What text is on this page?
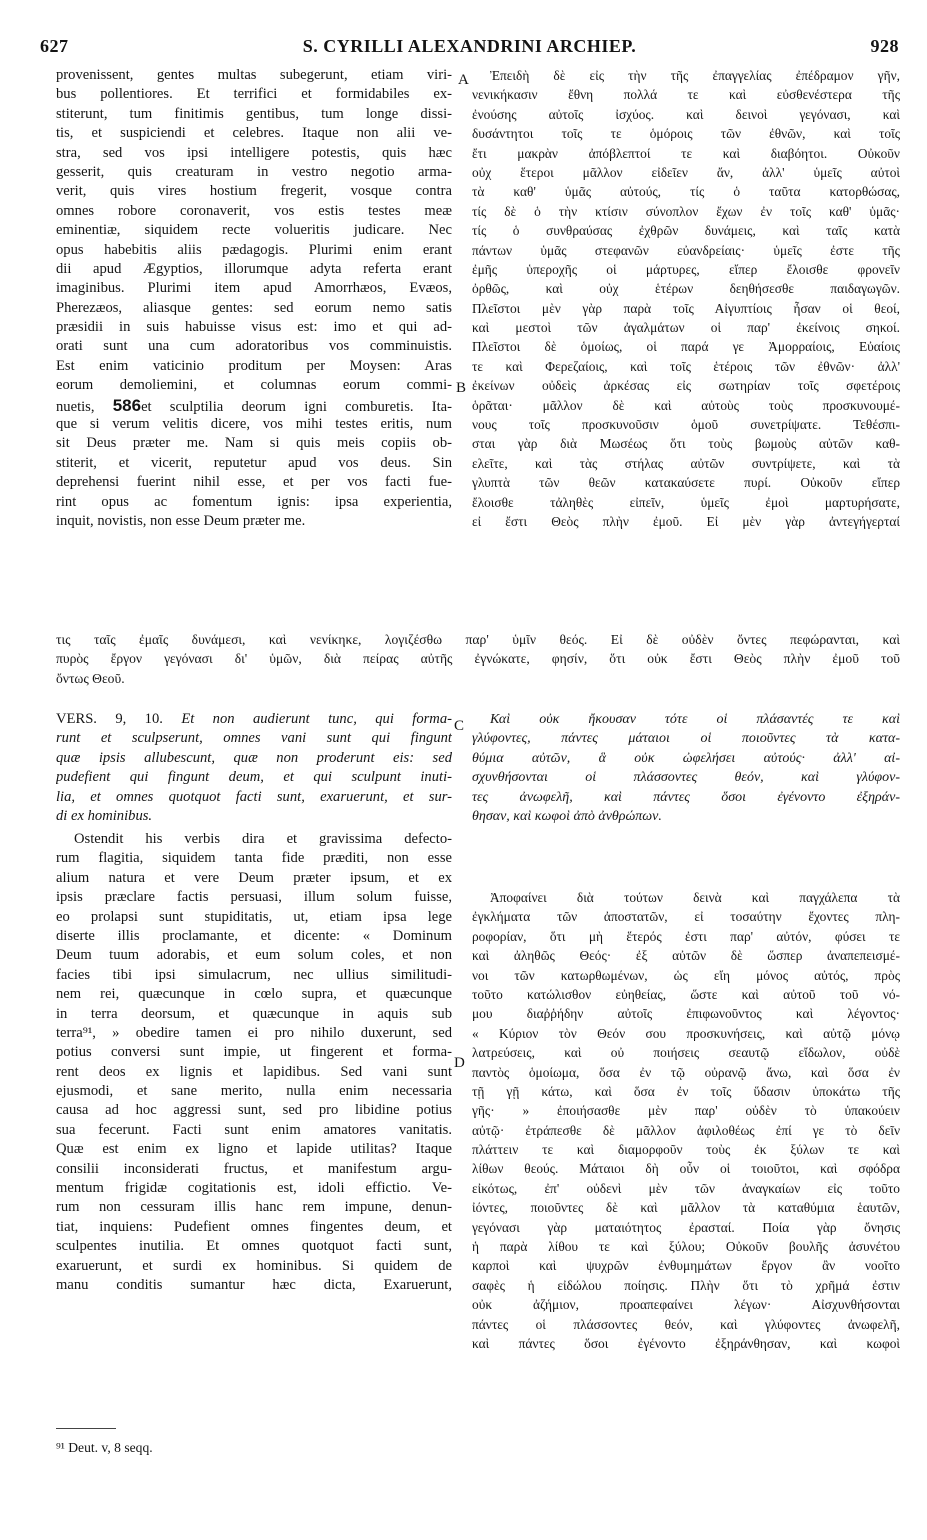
627	S. CYRILLI ALEXANDRINI ARCHIEP.	928
A
B
C
D
provenissent, gentes multas subegerunt, etiam viri-
bus pollentiores. Et terrifici et formidabiles ex-
stiterunt, tum finitimis gentibus, tum longe dissi-
tis, et suspiciendi et celebres. Itaque non alii ve-
stra, sed vos ipsi intelligere potestis, quis hæc
gesserit, quis creaturam in vestro negotio arma-
verit, quis vires hostium fregerit, vosque contra
omnes robore coronaverit, vos estis testes meæ
eminentiæ, siquidem recte volueritis judicare. Nec
opus habebitis aliis pædagogis. Plurimi enim erant
dii apud Ægyptios, illorumque adyta referta erant
imaginibus. Plurimi item apud Amorrhæos, Evæos,
Pherezæos, aliasque gentes: sed eorum nemo satis
præsidii in suis habuisse visus est: imo et qui ad-
orati sunt una cum adoratoribus vos comminuistis.
Est enim vaticinio proditum per Moysen: Aras
eorum demoliemini, et columnas eorum commi-
nuetis, 586et sculptilia deorum igni comburetis. Ita-
que si verum velitis dicere, vos mihi testes eritis, num
sit Deus præter me. Nam si quis meis copiis ob-
stiterit, et vicerit, reputetur apud vos deus. Sin
deprehensi fuerint nihil esse, et per vos facti fue-
rint opus ac fomentum ignis: ipsa experientia,
inquit, novistis, non esse Deum præter me.
Ἐπειδὴ δὲ εἰς τὴν τῆς ἐπαγγελίας ἐπέδραμον γῆν,
νενικήκασιν ἔθνη πολλά τε καὶ εὐσθενέστερα τῆς
ἐνούσης αὐτοῖς ἰσχύος. καὶ δεινοὶ γεγόνασι, καὶ
δυσάντητοι τοῖς τε ὁμόροις τῶν ἐθνῶν, καὶ τοῖς
ἔτι μακρὰν ἀπόβλεπτοί τε καὶ διαβόητοι. Οὐκοῦν
οὐχ ἕτεροι μᾶλλον εἰδεῖεν ἄν, ἀλλ' ὑμεῖς αὐτοὶ
τὰ καθ' ὑμᾶς αὐτούς, τίς ὁ ταῦτα κατορθώσας,
τίς δὲ ὁ τὴν κτίσιν σύνοπλον ἔχων ἐν τοῖς καθ' ὑμᾶς·
τίς ὁ συνθραύσας ἐχθρῶν δυνάμεις, καὶ ταῖς κατὰ
πάντων ὑμᾶς στεφανῶν εὐανδρείαις· ὑμεῖς ἐστε τῆς
ἐμῆς ὑπεροχῆς οἱ μάρτυρες, εἴπερ ἔλοισθε φρονεῖν
ὀρθῶς, καὶ οὐχ ἑτέρων δεηθήσεσθε παιδαγωγῶν.
Πλεῖστοι μὲν γὰρ παρὰ τοῖς Αἰγυπτίοις ἦσαν οἱ θεοί,
καὶ μεστοὶ τῶν ἀγαλμάτων οἱ παρ' ἐκείνοις σηκοί.
Πλεῖστοι δὲ ὁμοίως, οἱ παρά γε Ἀμορραίοις, Εὐαίοις
τε καὶ Φερεζαίοις, καὶ τοῖς ἑτέροις τῶν ἐθνῶν· ἀλλ'
ἐκείνων οὐδεὶς ἀρκέσας εἰς σωτηρίαν τοῖς σφετέροις
ὁρᾶται· μᾶλλον δὲ καὶ αὐτοὺς τοὺς προσκυνουμέ-
νους τοῖς προσκυνοῦσιν ὁμοῦ συνετρίψατε. Τεθέσπι-
σται γὰρ διὰ Μωσέως ὅτι τοὺς βωμοὺς αὐτῶν καθ-
ελεῖτε, καὶ τὰς στήλας αὐτῶν συντρίψετε, καὶ τὰ
γλυπτὰ τῶν θεῶν κατακαύσετε πυρί. Οὐκοῦν εἴπερ
ἔλοισθε τἀληθὲς εἰπεῖν, ὑμεῖς ἐμοὶ μαρτυρήσατε,
εἰ ἔστι Θεὸς πλὴν ἐμοῦ. Εἰ μὲν γὰρ ἀντεγήγερταί
τις ταῖς ἐμαῖς δυνάμεσι, καὶ νενίκηκε, λογιζέσθω παρ' ὑμῖν θεός. Εἰ δὲ οὐδὲν ὄντες πεφώρανται, καὶ
πυρὸς ἔργον γεγόνασι δι' ὑμῶν, διὰ πείρας αὐτῆς ἐγνώκατε, φησίν, ὅτι οὐκ ἔστι Θεὸς πλὴν ἐμοῦ τοῦ
ὄντως Θεοῦ.
VERS. 9, 10. Et non audierunt tunc, qui forma-
runt et sculpserunt, omnes vani sunt qui fingunt
quæ ipsis allubescunt, quæ non proderunt eis: sed
pudefient qui fingunt deum, et qui sculpunt inuti-
lia, et omnes quotquot facti sunt, exaruerunt, et sur-
di ex hominibus.
Καὶ οὐκ ἤκουσαν τότε οἱ πλάσαντές τε καὶ
γλύφοντες, πάντες μάταιοι οἱ ποιοῦντες τὰ κατα-
θύμια αὐτῶν, ἃ οὐκ ὠφελήσει αὐτούς· ἀλλ' αἰ-
σχυνθήσονται οἱ πλάσσοντες θεόν, καὶ γλύφον-
τες ἀνωφελῆ, καὶ πάντες ὅσοι ἐγένοντο ἐξηράν-
θησαν, καὶ κωφοὶ ἀπὸ ἀνθρώπων.
Ostendit his verbis dira et gravissima defecto-
rum flagitia, siquidem tanta fide præditi, non esse
alium natura et vere Deum præter ipsum, et ex
ipsis præclare factis persuasi, illum solum fuisse,
eo prolapsi sunt stupiditatis, ut, etiam ipsa lege
diserte illis proclamante, et dicente: « Dominum
Deum tuum adorabis, et eum solum coles, et non
facies tibi ipsi simulacrum, nec ullius similitudi-
nem rei, quæcunque in cœlo supra, et quæcunque
in terra deorsum, et quæcunque in aquis sub
terra⁹¹, » obedire tamen ei pro nihilo duxerunt, sed
potius conversi sunt impie, ut fingerent et forma-
rent deos ex lignis et lapidibus. Sed vani sunt
ejusmodi, et sane merito, nulla enim necessaria
causa ad hoc aggressi sunt, sed pro libidine potius
sua fecerunt. Facti sunt enim amatores vanitatis.
Quæ est enim ex ligno et lapide utilitas? Itaque
consilii inconsiderati fructus, et manifestum argu-
mentum frigidæ cogitationis est, idoli effictio. Ve-
rum non cessuram illis hanc rem impune, denun-
tiat, inquiens: Pudefient omnes fingentes deum, et
sculpentes inutilia. Et omnes quotquot facti sunt,
exaruerunt, et surdi ex hominibus. Si quidem de
manu conditis sumantur hæc dicta, Exaruerunt,
Ἀποφαίνει διὰ τούτων δεινὰ καὶ παγχάλεπα τὰ
ἐγκλήματα τῶν ἀποστατῶν, εἰ τοσαύτην ἔχοντες πλη-
ροφορίαν, ὅτι μὴ ἕτερός ἐστι παρ' αὐτόν, φύσει τε
καὶ ἀληθῶς Θεός· ἐξ αὐτῶν δὲ ὥσπερ ἀναπεπεισμέ-
νοι τῶν κατωρθωμένων, ὡς εἴη μόνος αὐτός, πρὸς
τοῦτο κατώλισθον εὐηθείας, ὥστε καὶ αὐτοῦ τοῦ νό-
μου διαῤῥήδην αὐτοῖς ἐπιφωνοῦντος καὶ λέγοντος·
« Κύριον τὸν Θεόν σου προσκυνήσεις, καὶ αὐτῷ μόνῳ
λατρεύσεις, καὶ οὐ ποιήσεις σεαυτῷ εἴδωλον, οὐδὲ
παντὸς ὁμοίωμα, ὅσα ἐν τῷ οὐρανῷ ἄνω, καὶ ὅσα ἐν
τῇ γῇ κάτω, καὶ ὅσα ἐν τοῖς ὕδασιν ὑποκάτω τῆς
γῆς· » ἐποιήσασθε μὲν παρ' οὐδὲν τὸ ὑπακούειν
αὐτῷ· ἐτράπεσθε δὲ μᾶλλον ἀφιλοθέως ἐπί γε τὸ δεῖν
πλάττειν τε καὶ διαμορφοῦν τοὺς ἐκ ξύλων τε καὶ
λίθων θεούς. Μάταιοι δὴ οὖν οἱ τοιοῦτοι, καὶ σφόδρα
εἰκότως, ἐπ' οὐδενὶ μὲν τῶν ἀναγκαίων εἰς τοῦτο
ἰόντες, ποιοῦντες δὲ καὶ μᾶλλον τὰ καταθύμια ἑαυτῶν,
γεγόνασι γὰρ ματαιότητος ἐρασταί. Ποία γὰρ ὄνησις
ἡ παρὰ λίθου τε καὶ ξύλου; Οὐκοῦν βουλῆς ἀσυνέτου
καρποὶ καὶ ψυχρῶν ἐνθυμημάτων ἔργον ἂν νοοῖτο
σαφὲς ἡ εἰδώλου ποίησις. Πλὴν ὅτι τὸ χρῆμά ἐστιν
οὐκ ἀζήμιον, προαπεφαίνει λέγων· Αἰσχυνθήσονται
πάντες οἱ πλάσσοντες θεόν, καὶ γλύφοντες ἀνωφελῆ,
καὶ πάντες ὅσοι ἐγένοντο ἐξηράνθησαν, καὶ κωφοὶ
⁹¹ Deut. v, 8 seqq.
